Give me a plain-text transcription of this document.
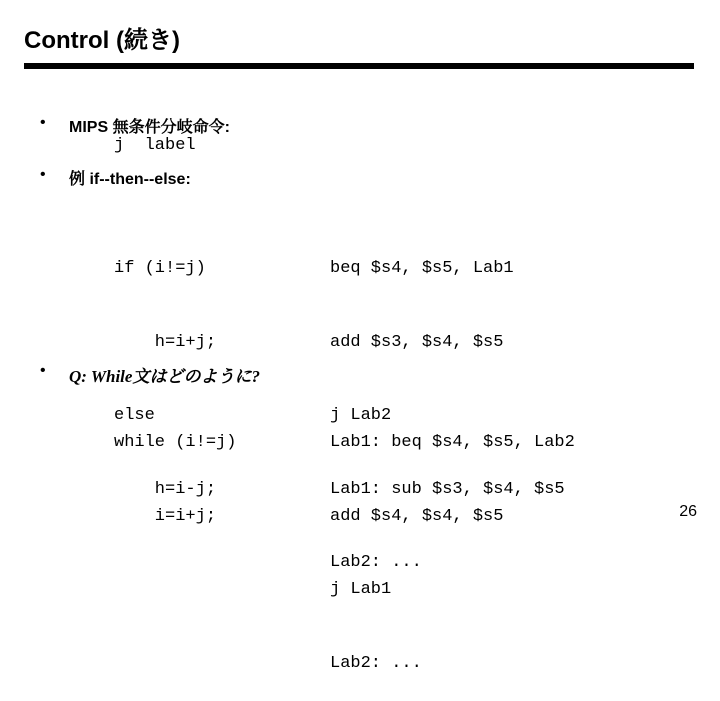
Control (続き)
• MIPS 無条件分岐命令:
j  label
• 例 if--then--else:

if (i!=j)

h=i+j;

else

h=i-j;

beq $s4, $s5, Lab1

add $s3, $s4, $s5

j Lab2

Lab1: sub $s3, $s4, $s5

Lab2: ...

• Q: While文はどのように?

while (i!=j)

i=i+j;

Lab1: beq $s4, $s5, Lab2

add $s4, $s4, $s5

j Lab1

Lab2: ...

26
